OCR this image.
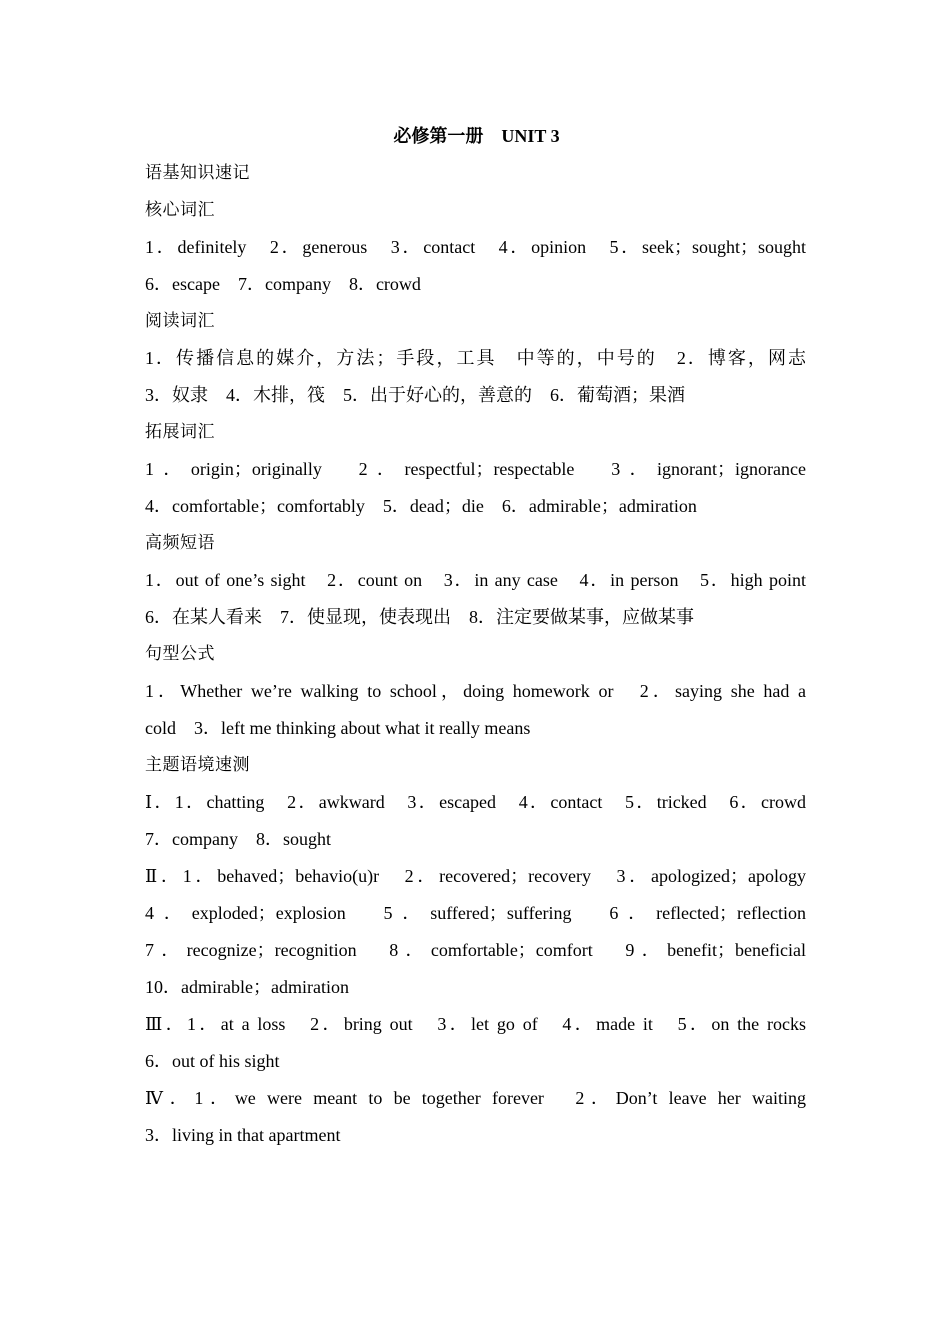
必修第一册　UNIT 3
语基知识速记
核心词汇
1．definitely　2．generous　3．contact　4．opinion　5．seek；sought；sought
6．escape　7．company　8．crowd
阅读词汇
1．传播信息的媒介，方法；手段，工具　中等的，中号的　2．博客，网志
3．奴隶　4．木排，筏　5．出于好心的，善意的　6．葡萄酒；果酒
拓展词汇
1．origin；originally　2．respectful；respectable　3．ignorant；ignorance
4．comfortable；comfortably　5．dead；die　6．admirable；admiration
高频短语
1．out of one’s sight　2．count on　3．in any case　4．in person　5．high point
6．在某人看来　7．使显现，使表现出　8．注定要做某事，应做某事
句型公式
1．Whether we’re walking to school，doing homework or　2．saying she had a
cold　3．left me thinking about what it really means
主题语境速测
Ⅰ．1．chatting　2．awkward　3．escaped　4．contact　5．tricked　6．crowd
7．company　8．sought
Ⅱ．1．behaved；behavio(u)r　2．recovered；recovery　3．apologized；apology
4．exploded；explosion　5．suffered；suffering　6．reflected；reflection
7．recognize；recognition　8．comfortable；comfort　9．benefit；beneficial
10．admirable；admiration
Ⅲ．1．at a loss　2．bring out　3．let go of　4．made it　5．on the rocks
6．out of his sight
Ⅳ．1．we were meant to be together forever　2．Don’t leave her waiting
3．living in that apartment
